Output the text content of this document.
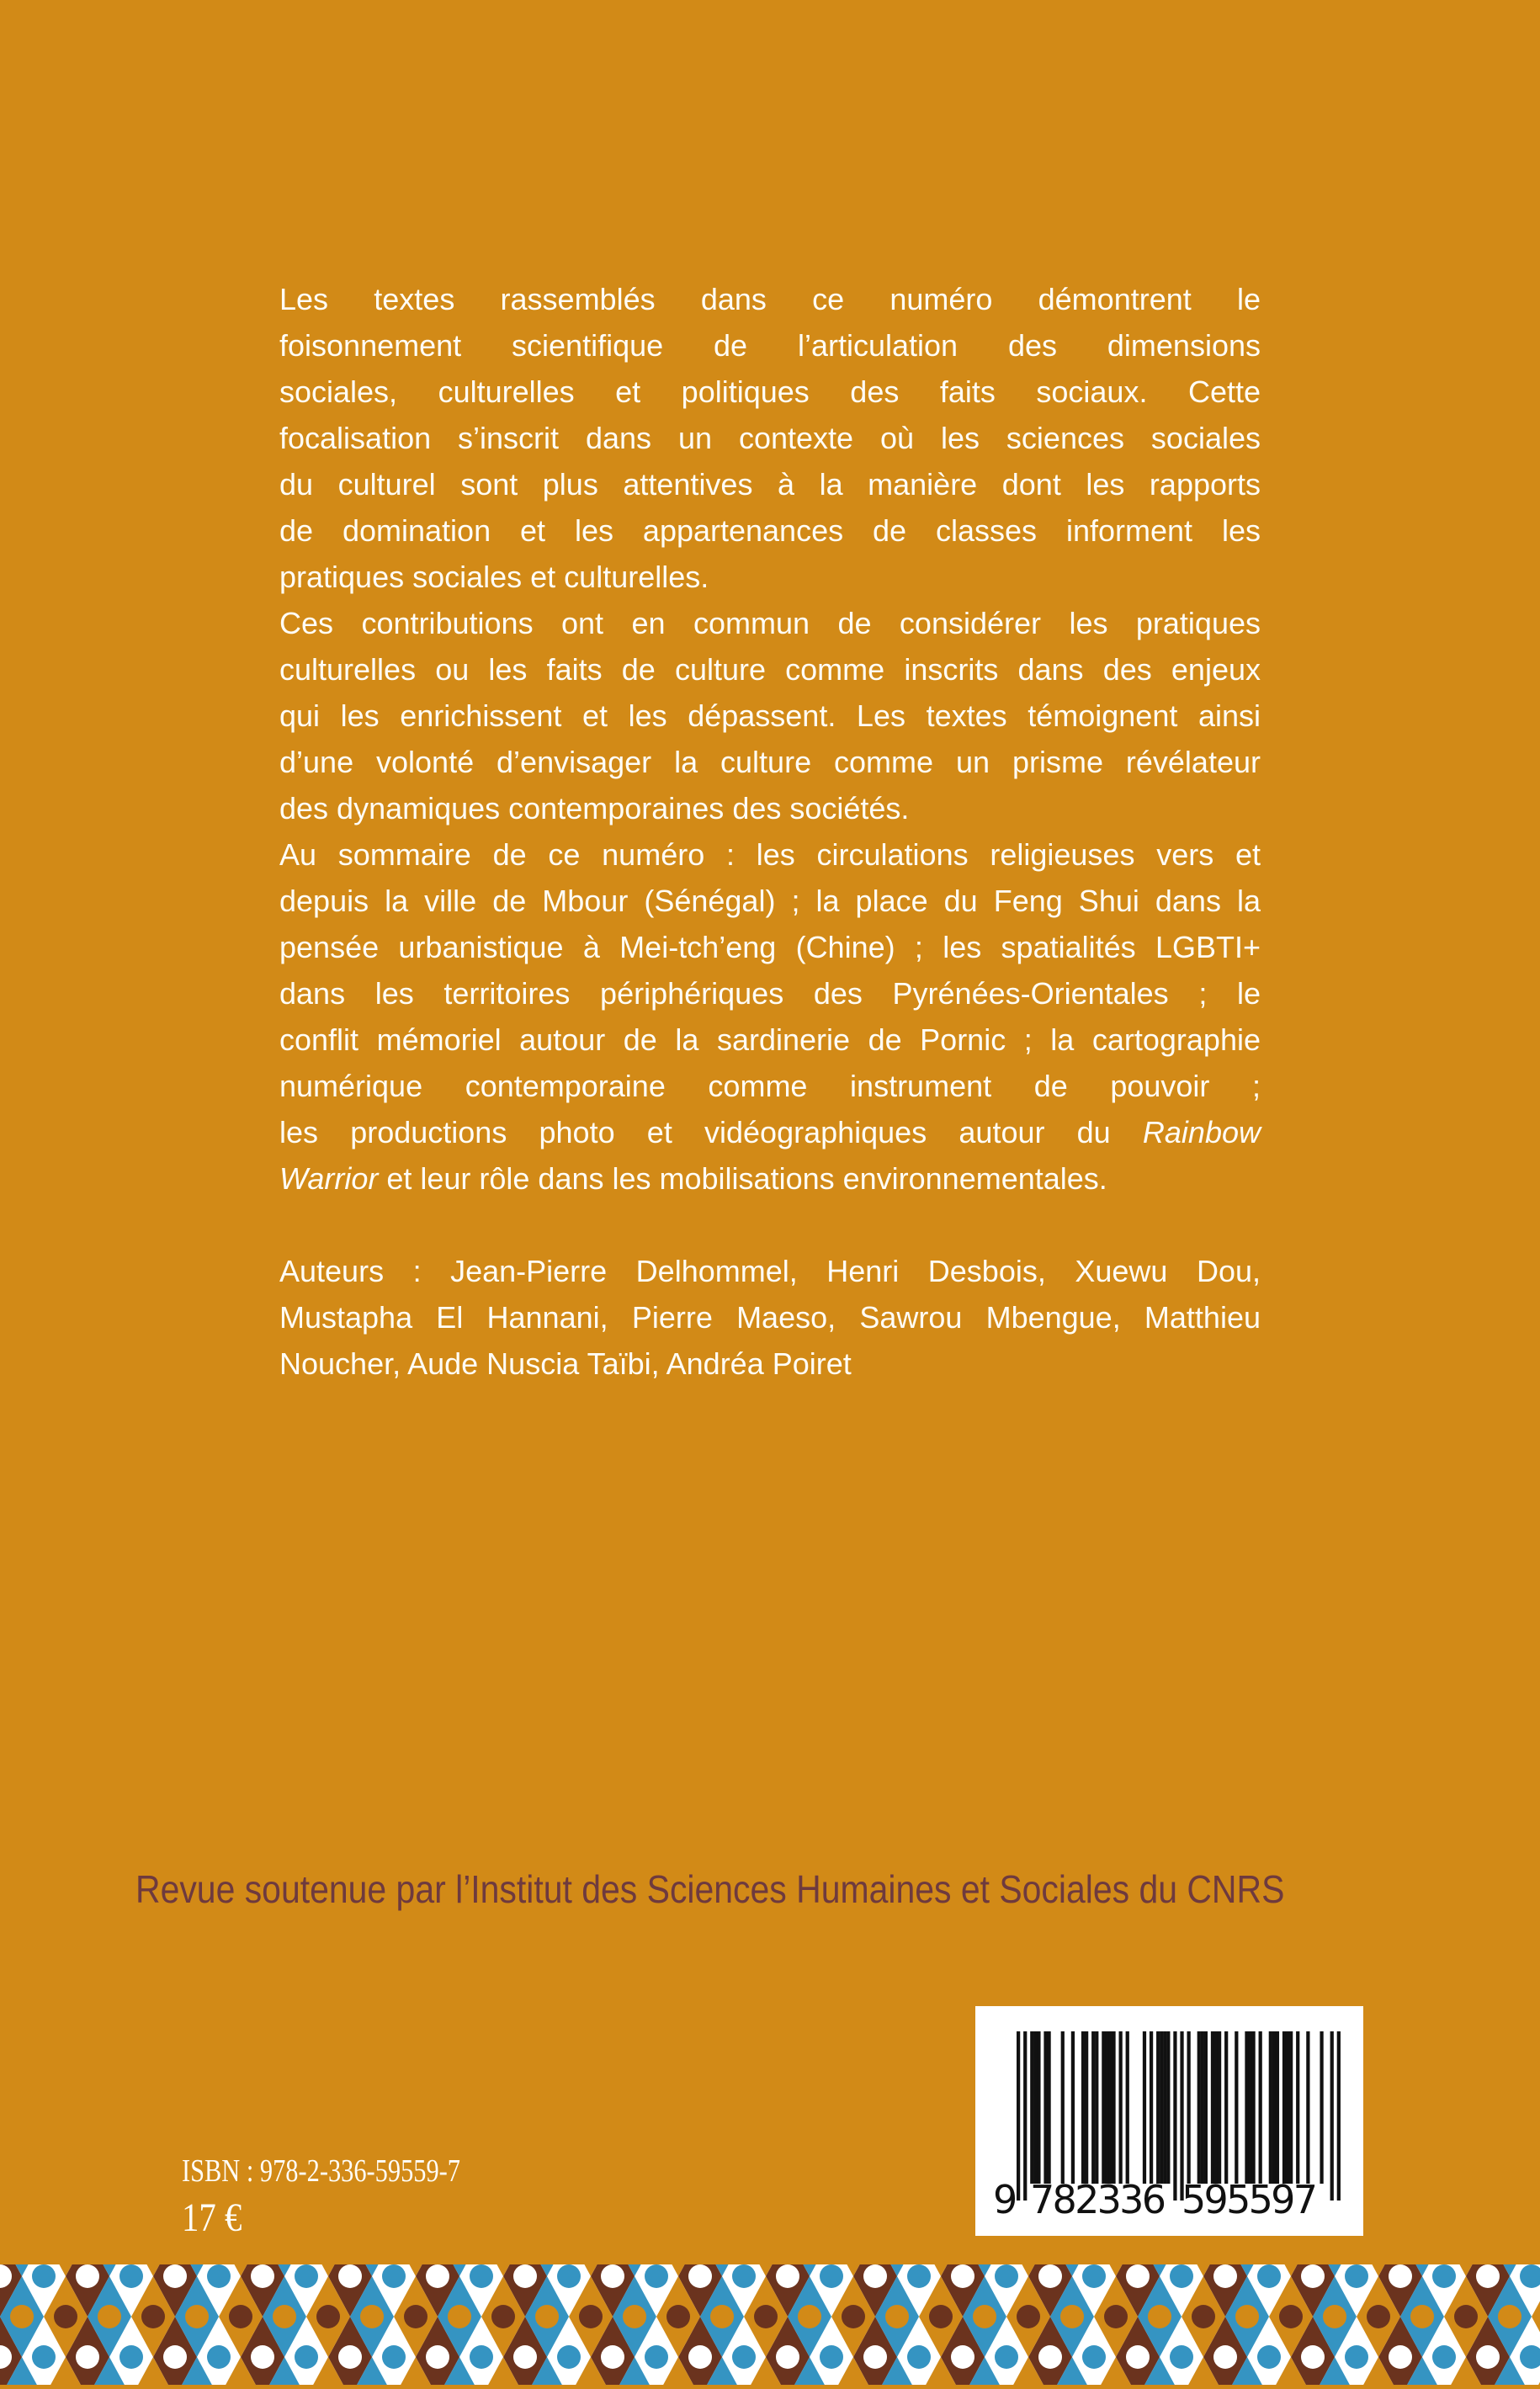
Les textes rassemblés dans ce numéro démontrent le
foisonnement scientifique de l’articulation des dimensions
sociales, culturelles et politiques des faits sociaux. Cette
focalisation s’inscrit dans un contexte où les sciences sociales
du culturel sont plus attentives à la manière dont les rapports
de domination et les appartenances de classes informent les
pratiques sociales et culturelles.
Ces contributions ont en commun de considérer les pratiques
culturelles ou les faits de culture comme inscrits dans des enjeux
qui les enrichissent et les dépassent. Les textes témoignent ainsi
d’une volonté d’envisager la culture comme un prisme révélateur
des dynamiques contemporaines des sociétés.
Au sommaire de ce numéro : les circulations religieuses vers et
depuis la ville de Mbour (Sénégal) ; la place du Feng Shui dans la
pensée urbanistique à Mei-tch’eng (Chine) ; les spatialités LGBTI+
dans les territoires périphériques des Pyrénées-Orientales ; le
conflit mémoriel autour de la sardinerie de Pornic ; la cartographie
numérique contemporaine comme instrument de pouvoir ;
les productions photo et vidéographiques autour du Rainbow
Warrior et leur rôle dans les mobilisations environnementales.
Auteurs : Jean-Pierre Delhommel, Henri Desbois, Xuewu Dou,
Mustapha El Hannani, Pierre Maeso, Sawrou Mbengue, Matthieu
Noucher, Aude Nuscia Taïbi, Andréa Poiret
Revue soutenue par l’Institut des Sciences Humaines et Sociales du CNRS
ISBN : 978-2-336-59559-7
17 €	9 782336 595597
